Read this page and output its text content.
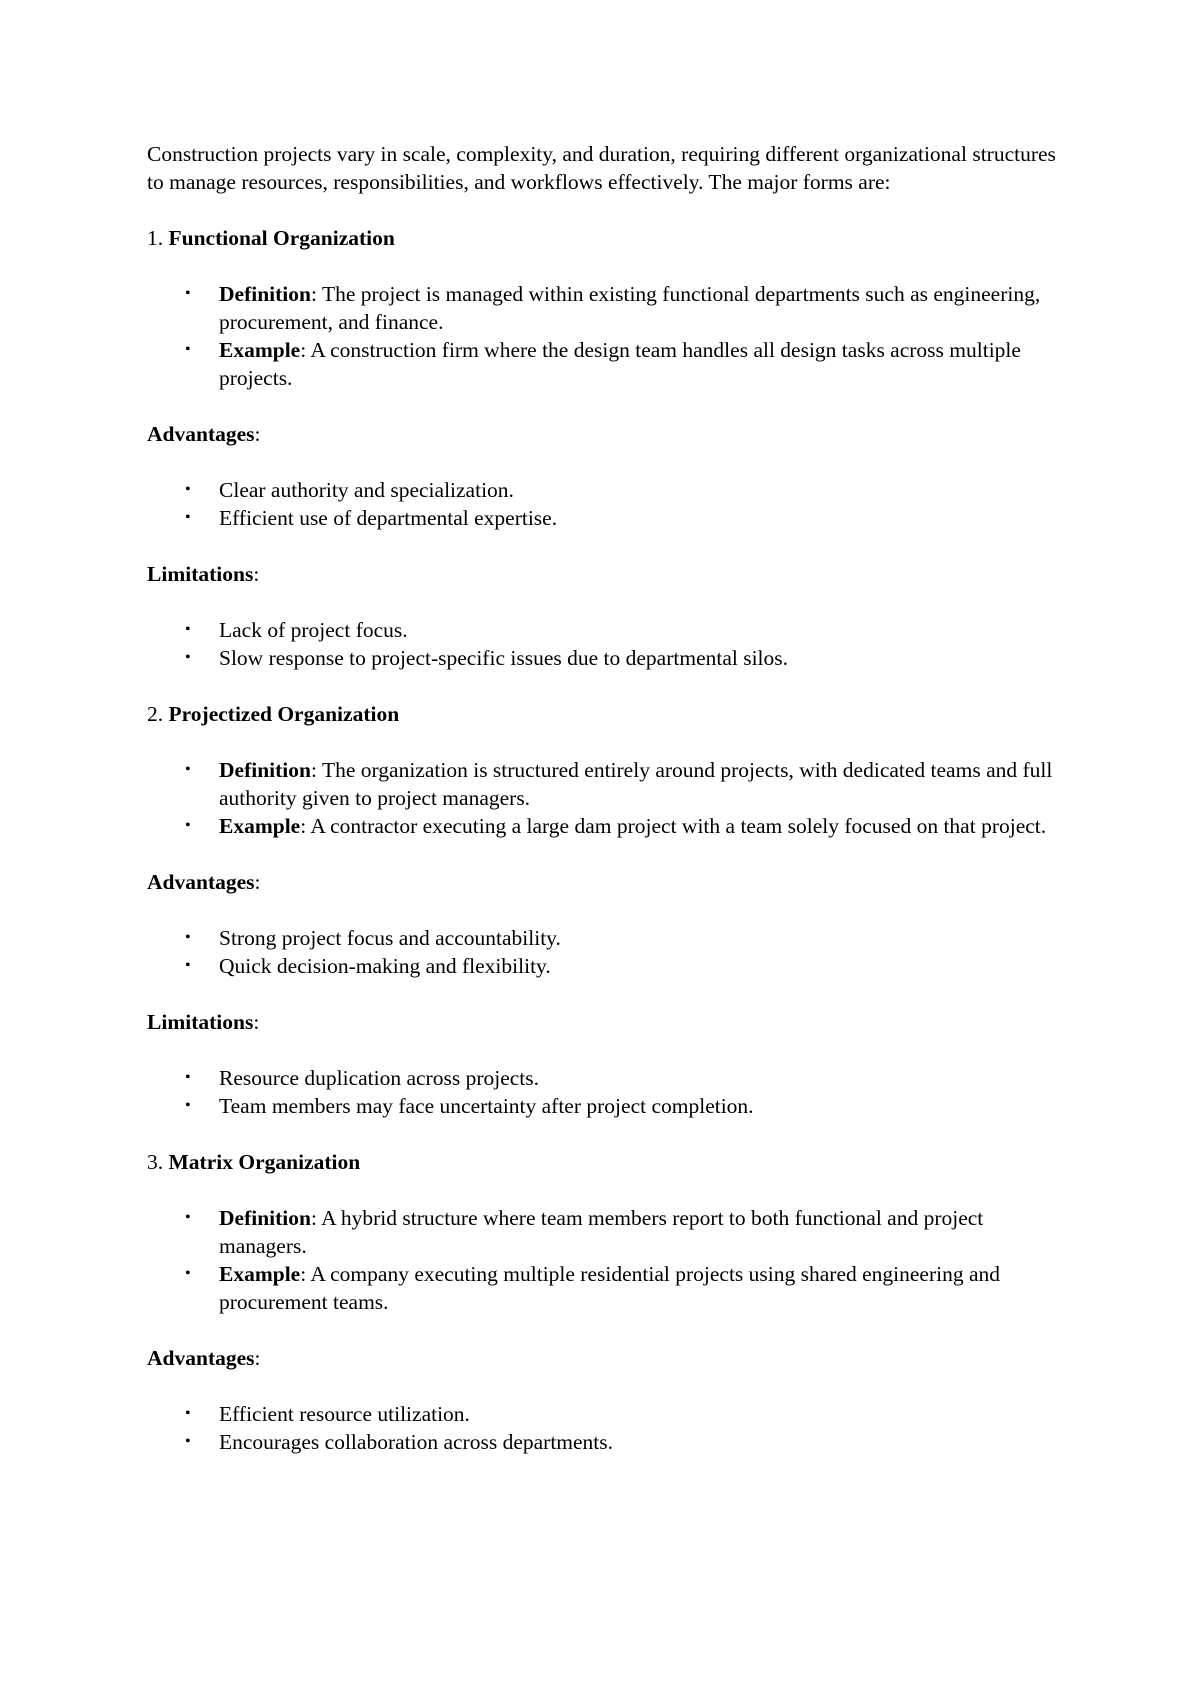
Construction projects vary in scale, complexity, and duration, requiring different organizational structures to manage resources, responsibilities, and workflows effectively. The major forms are:

1. Functional Organization

• Definition: The project is managed within existing functional departments such as engineering, procurement, and finance.
• Example: A construction firm where the design team handles all design tasks across multiple projects.

Advantages:

• Clear authority and specialization.
• Efficient use of departmental expertise.

Limitations:

• Lack of project focus.
• Slow response to project-specific issues due to departmental silos.

2. Projectized Organization

• Definition: The organization is structured entirely around projects, with dedicated teams and full authority given to project managers.
• Example: A contractor executing a large dam project with a team solely focused on that project.

Advantages:

• Strong project focus and accountability.
• Quick decision-making and flexibility.

Limitations:

• Resource duplication across projects.
• Team members may face uncertainty after project completion.

3. Matrix Organization

• Definition: A hybrid structure where team members report to both functional and project managers.
• Example: A company executing multiple residential projects using shared engineering and procurement teams.

Advantages:

• Efficient resource utilization.
• Encourages collaboration across departments.
